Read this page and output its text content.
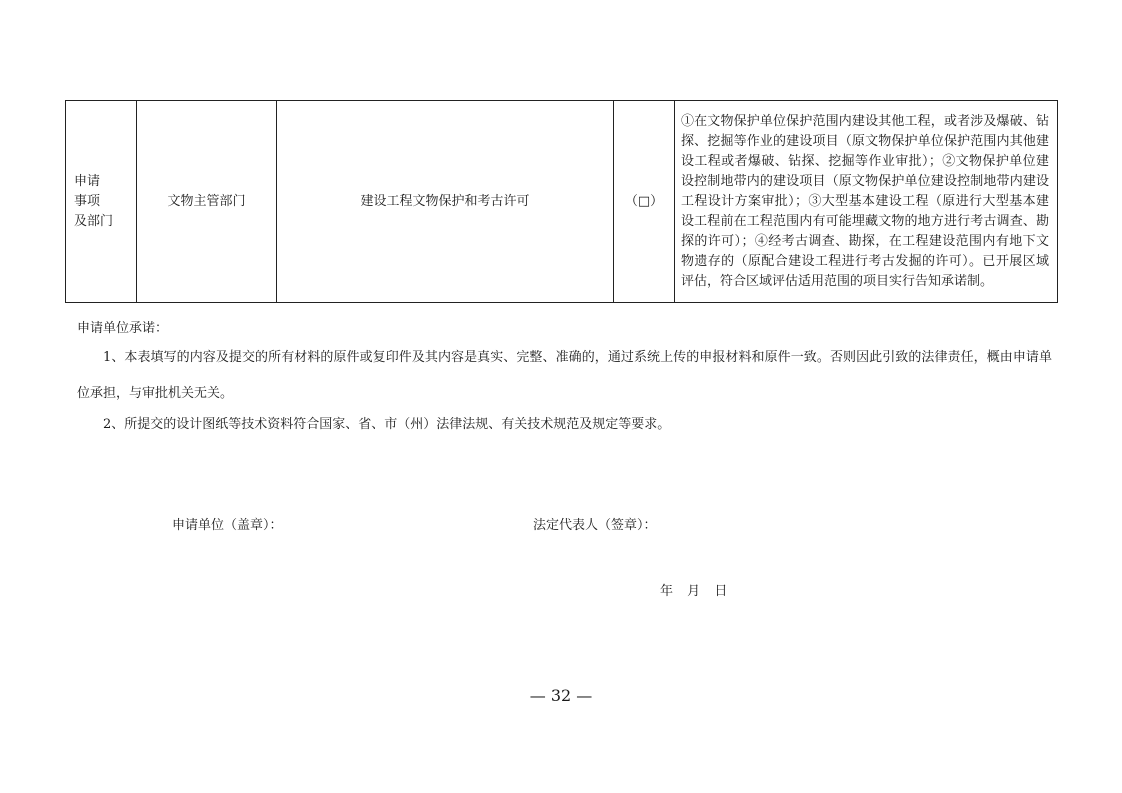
申请
事项
及部门
	文物主管部门	建设工程文物保护和考古许可	（□）	①在文物保护单位保护范围内建设其他工程，或者涉及爆破、钻探、挖掘等作业的建设项目（原文物保护单位保护范围内其他建设工程或者爆破、钻探、挖掘等作业审批）；②文物保护单位建设控制地带内的建设项目（原文物保护单位建设控制地带内建设工程设计方案审批）；③大型基本建设工程（原进行大型基本建设工程前在工程范围内有可能埋藏文物的地方进行考古调查、勘探的许可）；④经考古调查、勘探，在工程建设范围内有地下文物遗存的（原配合建设工程进行考古发掘的许可）。已开展区域评估，符合区域评估适用范围的项目实行告知承诺制。
申请单位承诺：
1、本表填写的内容及提交的所有材料的原件或复印件及其内容是真实、完整、准确的，通过系统上传的申报材料和原件一致。否则因此引致的法律责任，概由申请单位承担，与审批机关无关。
2、所提交的设计图纸等技术资料符合国家、省、市（州）法律法规、有关技术规范及规定等要求。
申请单位（盖章）：	法定代表人（签章）：
年 月 日
— 32 —
